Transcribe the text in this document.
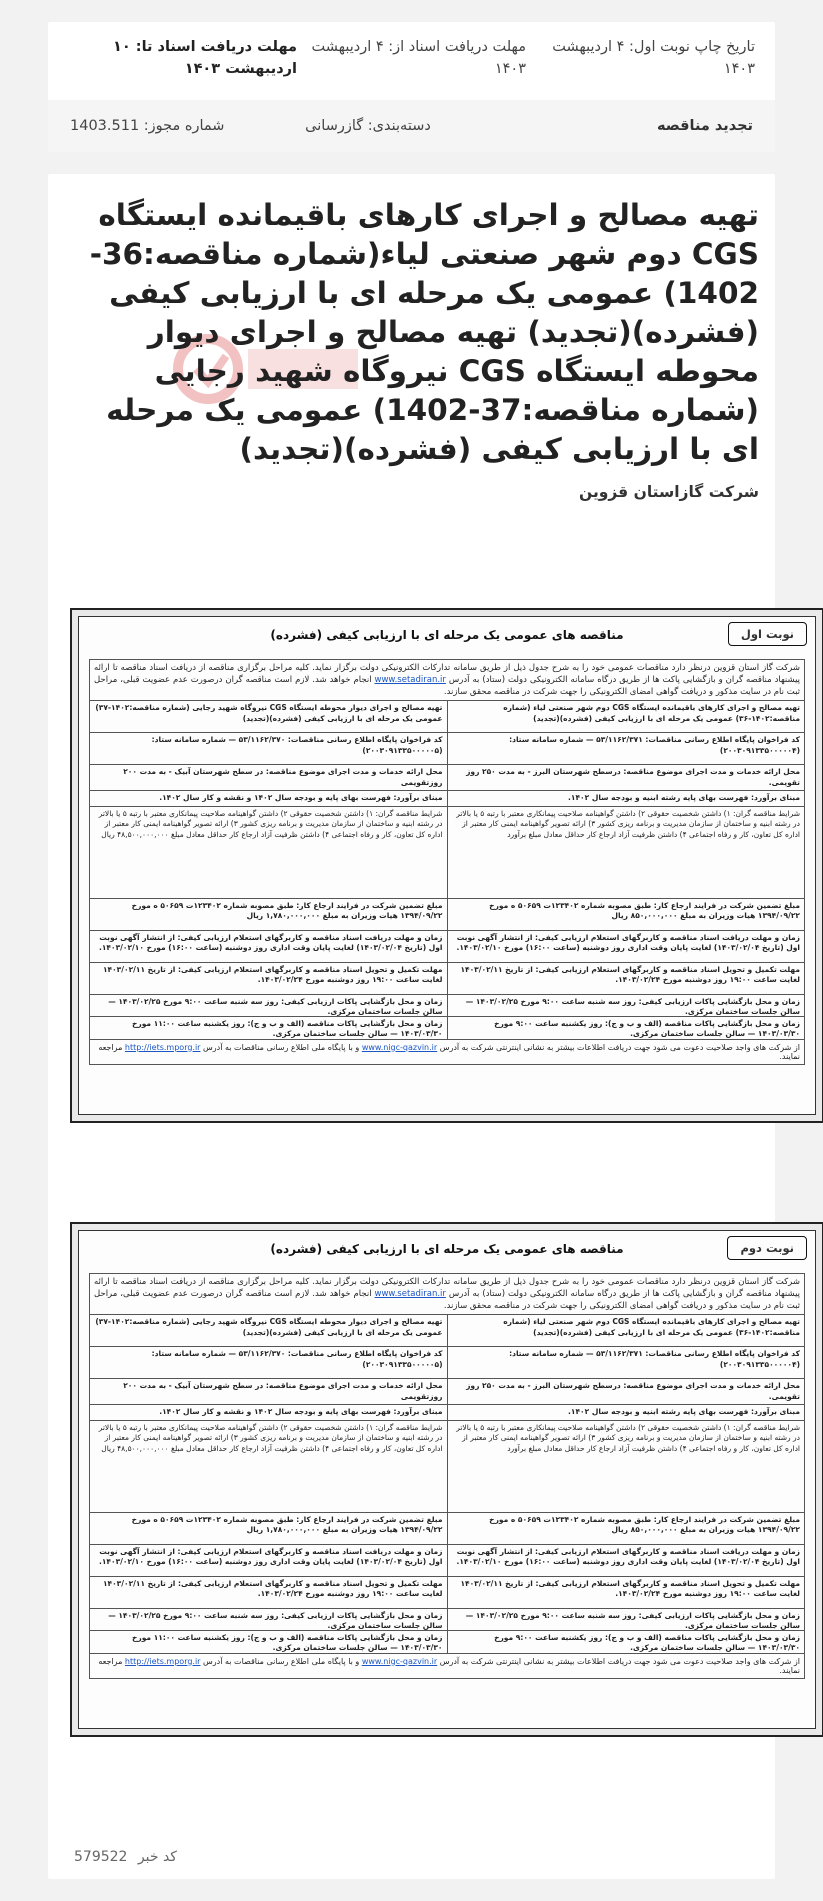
تاریخ چاپ نوبت اول: ۴ اردیبهشت ۱۴۰۳
مهلت دریافت اسناد از: ۴ اردیبهشت ۱۴۰۳
مهلت دریافت اسناد تا: ۱۰ اردیبهشت ۱۴۰۳
تجدید مناقصه
دسته‌بندی: گازرسانی
شماره مجوز: 1403.511
تهیه مصالح و اجرای کارهای باقیمانده ایستگاه CGS دوم شهر صنعتی لیاء(شماره مناقصه:36-1402) عمومی یک مرحله ای با ارزیابی کیفی (فشرده)(تجدید) تهیه مصالح و اجرای دیوار محوطه ایستگاه CGS نیروگاه شهید رجایی (شماره مناقصه:37-1402) عمومی یک مرحله ای با ارزیابی کیفی (فشرده)(تجدید)
شرکت گازاستان قزوین
نوبت اول
مناقصه های عمومی یک مرحله ای با ارزیابی کیفی (فشرده)
شرکت گاز استان قزوین درنظر دارد مناقصات عمومی خود را به شرح جدول ذیل از طریق سامانه تدارکات الکترونیکی دولت برگزار نماید. کلیه مراحل برگزاری مناقصه از دریافت اسناد مناقصه تا ارائه پیشنهاد مناقصه گران و بازگشایی پاکت ها از طریق درگاه سامانه الکترونیکی دولت (ستاد) به آدرس www.setadiran.ir انجام خواهد شد. لازم است مناقصه گران درصورت عدم عضویت قبلی، مراحل ثبت نام در سایت مذکور و دریافت گواهی امضای الکترونیکی را جهت شرکت در مناقصه محقق سازند.
تهیه مصالح و اجرای کارهای باقیمانده ایستگاه CGS دوم شهر صنعتی لیاء (شماره مناقصه:۱۴۰۲-۳۶) عمومی یک مرحله ای با ارزیابی کیفی (فشرده)(تجدید)
کد فراخوان پایگاه اطلاع رسانی مناقصات: ۵۳/۱۱۶۲/۳۷۱ — شماره سامانه ستاد: (۲۰۰۳۰۹۱۳۳۵۰۰۰۰۰۴)
محل ارائه خدمات و مدت اجرای موضوع مناقصه: درسطح شهرستان البرز - به مدت ۲۵۰ روز تقویمی.
مبنای برآورد: فهرست بهای پایه رشته ابنیه و بودجه سال ۱۴۰۲.
شرایط مناقصه گران: ۱) داشتن شخصیت حقوقی ۲) داشتن گواهینامه صلاحیت پیمانکاری معتبر با رتبه ۵ یا بالاتر در رشته ابنیه و ساختمان از سازمان مدیریت و برنامه ریزی کشور ۳) ارائه تصویر گواهینامه ایمنی کار معتبر از اداره کل تعاون، کار و رفاه اجتماعی ۴) داشتن ظرفیت آزاد ارجاع کار حداقل معادل مبلغ برآورد
مبلغ تضمین شرکت در فرایند ارجاع کار: طبق مصوبه شماره ۱۲۳۴۰۲ت ۵۰۶۵۹ ه مورخ ۱۳۹۴/۰۹/۲۲ هیات وزیران به مبلغ ۸۵۰,۰۰۰,۰۰۰ ریال
زمان و مهلت دریافت اسناد مناقصه و کاربرگهای استعلام ارزیابی کیفی: از انتشار آگهی نوبت اول (تاریخ ۱۴۰۳/۰۲/۰۴) لغایت پایان وقت اداری روز دوشنبه (ساعت ۱۶:۰۰) مورخ ۱۴۰۳/۰۲/۱۰.
مهلت تکمیل و تحویل اسناد مناقصه و کاربرگهای استعلام ارزیابی کیفی: از تاریخ ۱۴۰۳/۰۲/۱۱ لغایت ساعت ۱۹:۰۰ روز دوشنبه مورخ ۱۴۰۳/۰۲/۲۴.
زمان و محل بازگشایی پاکات ارزیابی کیفی: روز سه شنبه ساعت ۹:۰۰ مورخ ۱۴۰۳/۰۲/۲۵ — سالن جلسات ساختمان مرکزی.
زمان و محل بازگشایی پاکات مناقصه (الف و ب و ج): روز یکشنبه ساعت ۹:۰۰ مورخ ۱۴۰۳/۰۳/۳۰ — سالن جلسات ساختمان مرکزی.
تهیه مصالح و اجرای دیوار محوطه ایستگاه CGS نیروگاه شهید رجایی (شماره مناقصه:۱۴۰۲-۳۷) عمومی یک مرحله ای با ارزیابی کیفی (فشرده)(تجدید)
کد فراخوان پایگاه اطلاع رسانی مناقصات: ۵۳/۱۱۶۲/۳۷۰ — شماره سامانه ستاد: (۲۰۰۳۰۹۱۳۳۵۰۰۰۰۰۵)
محل ارائه خدمات و مدت اجرای موضوع مناقصه: در سطح شهرستان آبیک - به مدت ۲۰۰ روزتقویمی
مبنای برآورد: فهرست بهای پایه و بودجه سال ۱۴۰۲ و نقشه و کار سال ۱۴۰۲.
شرایط مناقصه گران: ۱) داشتن شخصیت حقوقی ۲) داشتن گواهینامه صلاحیت پیمانکاری معتبر با رتبه ۵ یا بالاتر در رشته ابنیه و ساختمان از سازمان مدیریت و برنامه ریزی کشور ۳) ارائه تصویر گواهینامه ایمنی کار معتبر از اداره کل تعاون، کار و رفاه اجتماعی ۴) داشتن ظرفیت آزاد ارجاع کار حداقل معادل مبلغ ۴۸,۵۰۰,۰۰۰,۰۰۰ ریال
مبلغ تضمین شرکت در فرایند ارجاع کار: طبق مصوبه شماره ۱۲۳۴۰۲ت ۵۰۶۵۹ ه مورخ ۱۳۹۴/۰۹/۲۲ هیات وزیران به مبلغ ۱,۷۸۰,۰۰۰,۰۰۰ ریال
زمان و مهلت دریافت اسناد مناقصه و کاربرگهای استعلام ارزیابی کیفی: از انتشار آگهی نوبت اول (تاریخ ۱۴۰۳/۰۲/۰۴) لغایت پایان وقت اداری روز دوشنبه (ساعت ۱۶:۰۰) مورخ ۱۴۰۳/۰۲/۱۰.
مهلت تکمیل و تحویل اسناد مناقصه و کاربرگهای استعلام ارزیابی کیفی: از تاریخ ۱۴۰۳/۰۲/۱۱ لغایت ساعت ۱۹:۰۰ روز دوشنبه مورخ ۱۴۰۳/۰۲/۲۴.
زمان و محل بازگشایی پاکات ارزیابی کیفی: روز سه شنبه ساعت ۹:۰۰ مورخ ۱۴۰۳/۰۲/۲۵ — سالن جلسات ساختمان مرکزی.
زمان و محل بازگشایی پاکات مناقصه (الف و ب و ج): روز یکشنبه ساعت ۱۱:۰۰ مورخ ۱۴۰۳/۰۳/۳۰ — سالن جلسات ساختمان مرکزی.
از شرکت های واجد صلاحیت دعوت می شود جهت دریافت اطلاعات بیشتر به نشانی اینترنتی شرکت به آدرس www.nigc-qazvin.ir و با پایگاه ملی اطلاع رسانی مناقصات به آدرس http://iets.mporg.ir مراجعه نمایند.
نوبت دوم
مناقصه های عمومی یک مرحله ای با ارزیابی کیفی (فشرده)
شرکت گاز استان قزوین درنظر دارد مناقصات عمومی خود را به شرح جدول ذیل از طریق سامانه تدارکات الکترونیکی دولت برگزار نماید. کلیه مراحل برگزاری مناقصه از دریافت اسناد مناقصه تا ارائه پیشنهاد مناقصه گران و بازگشایی پاکت ها از طریق درگاه سامانه الکترونیکی دولت (ستاد) به آدرس www.setadiran.ir انجام خواهد شد. لازم است مناقصه گران درصورت عدم عضویت قبلی، مراحل ثبت نام در سایت مذکور و دریافت گواهی امضای الکترونیکی را جهت شرکت در مناقصه محقق سازند.
تهیه مصالح و اجرای کارهای باقیمانده ایستگاه CGS دوم شهر صنعتی لیاء (شماره مناقصه:۱۴۰۲-۳۶) عمومی یک مرحله ای با ارزیابی کیفی (فشرده)(تجدید)
کد فراخوان پایگاه اطلاع رسانی مناقصات: ۵۳/۱۱۶۲/۳۷۱ — شماره سامانه ستاد: (۲۰۰۳۰۹۱۳۳۵۰۰۰۰۰۴)
محل ارائه خدمات و مدت اجرای موضوع مناقصه: درسطح شهرستان البرز - به مدت ۲۵۰ روز تقویمی.
مبنای برآورد: فهرست بهای پایه رشته ابنیه و بودجه سال ۱۴۰۲.
شرایط مناقصه گران: ۱) داشتن شخصیت حقوقی ۲) داشتن گواهینامه صلاحیت پیمانکاری معتبر با رتبه ۵ یا بالاتر در رشته ابنیه و ساختمان از سازمان مدیریت و برنامه ریزی کشور ۳) ارائه تصویر گواهینامه ایمنی کار معتبر از اداره کل تعاون، کار و رفاه اجتماعی ۴) داشتن ظرفیت آزاد ارجاع کار حداقل معادل مبلغ برآورد
مبلغ تضمین شرکت در فرایند ارجاع کار: طبق مصوبه شماره ۱۲۳۴۰۲ت ۵۰۶۵۹ ه مورخ ۱۳۹۴/۰۹/۲۲ هیات وزیران به مبلغ ۸۵۰,۰۰۰,۰۰۰ ریال
زمان و مهلت دریافت اسناد مناقصه و کاربرگهای استعلام ارزیابی کیفی: از انتشار آگهی نوبت اول (تاریخ ۱۴۰۳/۰۲/۰۴) لغایت پایان وقت اداری روز دوشنبه (ساعت ۱۶:۰۰) مورخ ۱۴۰۳/۰۲/۱۰.
مهلت تکمیل و تحویل اسناد مناقصه و کاربرگهای استعلام ارزیابی کیفی: از تاریخ ۱۴۰۳/۰۲/۱۱ لغایت ساعت ۱۹:۰۰ روز دوشنبه مورخ ۱۴۰۳/۰۲/۲۴.
زمان و محل بازگشایی پاکات ارزیابی کیفی: روز سه شنبه ساعت ۹:۰۰ مورخ ۱۴۰۳/۰۲/۲۵ — سالن جلسات ساختمان مرکزی.
زمان و محل بازگشایی پاکات مناقصه (الف و ب و ج): روز یکشنبه ساعت ۹:۰۰ مورخ ۱۴۰۳/۰۳/۳۰ — سالن جلسات ساختمان مرکزی.
تهیه مصالح و اجرای دیوار محوطه ایستگاه CGS نیروگاه شهید رجایی (شماره مناقصه:۱۴۰۲-۳۷) عمومی یک مرحله ای با ارزیابی کیفی (فشرده)(تجدید)
کد فراخوان پایگاه اطلاع رسانی مناقصات: ۵۳/۱۱۶۲/۳۷۰ — شماره سامانه ستاد: (۲۰۰۳۰۹۱۳۳۵۰۰۰۰۰۵)
محل ارائه خدمات و مدت اجرای موضوع مناقصه: در سطح شهرستان آبیک - به مدت ۲۰۰ روزتقویمی
مبنای برآورد: فهرست بهای پایه و بودجه سال ۱۴۰۲ و نقشه و کار سال ۱۴۰۲.
شرایط مناقصه گران: ۱) داشتن شخصیت حقوقی ۲) داشتن گواهینامه صلاحیت پیمانکاری معتبر با رتبه ۵ یا بالاتر در رشته ابنیه و ساختمان از سازمان مدیریت و برنامه ریزی کشور ۳) ارائه تصویر گواهینامه ایمنی کار معتبر از اداره کل تعاون، کار و رفاه اجتماعی ۴) داشتن ظرفیت آزاد ارجاع کار حداقل معادل مبلغ ۴۸,۵۰۰,۰۰۰,۰۰۰ ریال
مبلغ تضمین شرکت در فرایند ارجاع کار: طبق مصوبه شماره ۱۲۳۴۰۲ت ۵۰۶۵۹ ه مورخ ۱۳۹۴/۰۹/۲۲ هیات وزیران به مبلغ ۱,۷۸۰,۰۰۰,۰۰۰ ریال
زمان و مهلت دریافت اسناد مناقصه و کاربرگهای استعلام ارزیابی کیفی: از انتشار آگهی نوبت اول (تاریخ ۱۴۰۳/۰۲/۰۴) لغایت پایان وقت اداری روز دوشنبه (ساعت ۱۶:۰۰) مورخ ۱۴۰۳/۰۲/۱۰.
مهلت تکمیل و تحویل اسناد مناقصه و کاربرگهای استعلام ارزیابی کیفی: از تاریخ ۱۴۰۳/۰۲/۱۱ لغایت ساعت ۱۹:۰۰ روز دوشنبه مورخ ۱۴۰۳/۰۲/۲۴.
زمان و محل بازگشایی پاکات ارزیابی کیفی: روز سه شنبه ساعت ۹:۰۰ مورخ ۱۴۰۳/۰۲/۲۵ — سالن جلسات ساختمان مرکزی.
زمان و محل بازگشایی پاکات مناقصه (الف و ب و ج): روز یکشنبه ساعت ۱۱:۰۰ مورخ ۱۴۰۳/۰۳/۳۰ — سالن جلسات ساختمان مرکزی.
از شرکت های واجد صلاحیت دعوت می شود جهت دریافت اطلاعات بیشتر به نشانی اینترنتی شرکت به آدرس www.nigc-qazvin.ir و با پایگاه ملی اطلاع رسانی مناقصات به آدرس http://iets.mporg.ir مراجعه نمایند.
579522 کد خبر
